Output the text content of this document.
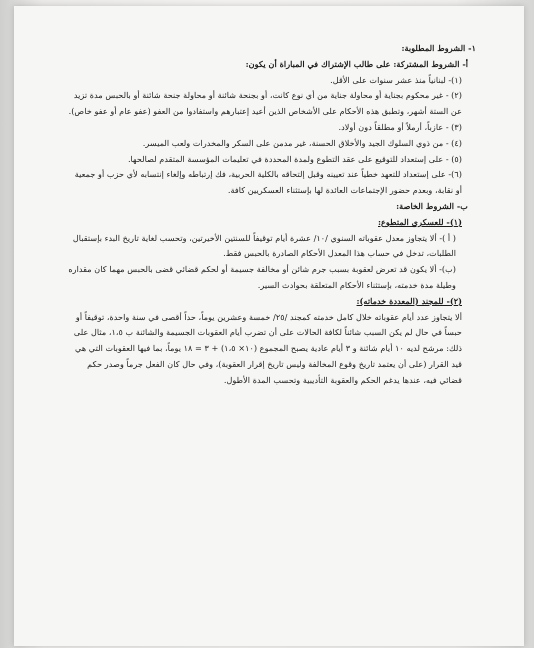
١- الشروط المطلوبة:

أ- الشروط المشتركة: على طالب الإشتراك في المباراة أن يكون:

(١)- لبنانياً منذ عشر سنوات على الأقل.

(٢) - غير محكوم بجناية أو محاولة جناية من أي نوع كانت، أو بجنحة شائنة أو محاولة جنحة شائنة أو بالحبس مدة تزيد عن الستة أشهر، وتطبق هذه الأحكام على الأشخاص الذين أعيد إعتبارهم واستفادوا من العفو (عفو عام أو عفو خاص).

(٣) - عازباً، أرملاً أو مطلقاً دون أولاد.

(٤) - من ذوي السلوك الجيد والأخلاق الحسنة، غير مدمن على السكر والمخدرات ولعب الميسر.

(٥) - على إستعداد للتوقيع على عقد التطوع ولمدة المحددة في تعليمات المؤسسة المتقدم لصالحها.

(٦)- على إستعداد للتعهد خطياً عند تعيينه وقبل إلتحاقه بالكلية الحربية، فك إرتباطه وإلغاء إنتسابه لأي حزب أو جمعية أو نقابة، وبعدم حضور الإجتماعات العائدة لها بإستثناء العسكريين كافة.

ب- الشروط الخاصة:

(١)- للعسكري المتطوع:

( أ )- ألا يتجاوز معدل عقوباته السنوي /١٠/ عشرة أيام توقيفاً للسنتين الأخيرتين، وتحسب لغاية تاريخ البدء بإستقبال الطلبات، تدخل في حساب هذا المعدل الأحكام الصادرة بالحبس فقط.

(ب)- ألا يكون قد تعرض لعقوبة بسبب جرم شائن أو مخالفة جسيمة أو لحكم قضائي قضى بالحبس مهما كان مقداره وطيلة مدة خدمته، بإستثناء الأحكام المتعلقة بحوادث السير.

(٢)- للمجند (المعددة خدماته):

ألا يتجاوز عدد أيام عقوباته خلال كامل خدمته كمجند /٢٥/ خمسة وعشرين يوماً، حداً أقصى في سنة واحدة، توقيفاً أو حبساً في حال لم يكن السبب شائناً لكافة الحالات على أن تضرب أيام العقوبات الجسيمة والشائنة ب ١،٥، مثال على ذلك: مرشح لديه ١٠ أيام شائنة و ٣ أيام عادية يصبح المجموع (١٠× ١،٥) + ٣ = ١٨ يوماً، بما فيها العقوبات التي هي قيد القرار (على أن يعتمد تاريخ وقوع المخالفة وليس تاريخ إقرار العقوبة)، وفي حال كان الفعل جرماً وصدر حكم قضائي فيه، عندها يدغم الحكم والعقوبة التأديبية وتحسب المدة الأطول.
